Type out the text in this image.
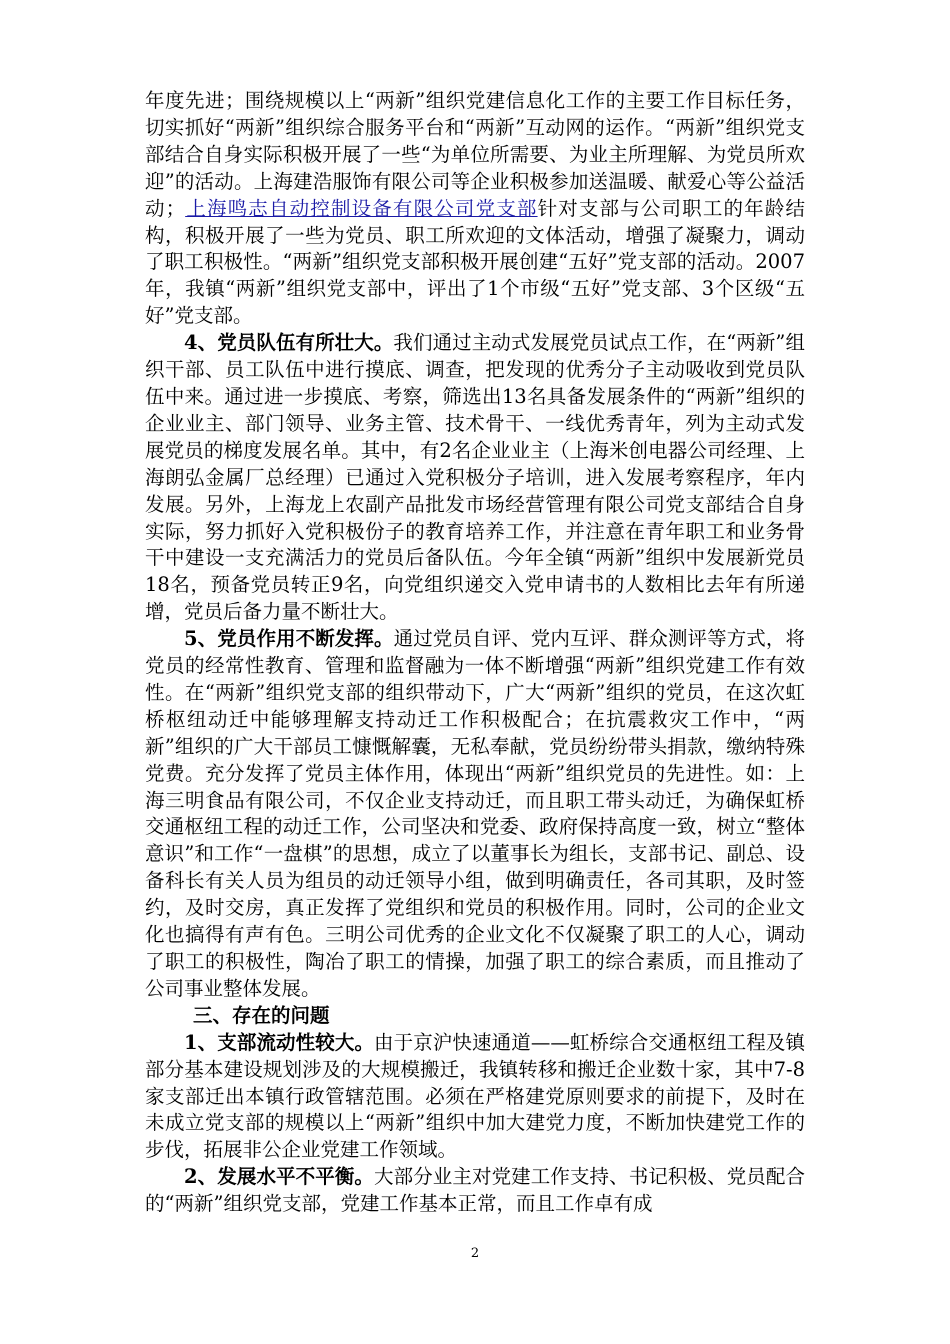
年度先进；围绕规模以上“两新”组织党建信息化工作的主要工作目标任务，切实抓好“两新”组织综合服务平台和“两新”互动网的运作。“两新”组织党支部结合自身实际积极开展了一些“为单位所需要、为业主所理解、为党员所欢迎”的活动。上海建浩服饰有限公司等企业积极参加送温暖、献爱心等公益活动；上海鸣志自动控制设备有限公司党支部针对支部与公司职工的年龄结构，积极开展了一些为党员、职工所欢迎的文体活动，增强了凝聚力，调动了职工积极性。“两新”组织党支部积极开展创建“五好”党支部的活动。2007年，我镇“两新”组织党支部中，评出了1个市级“五好”党支部、3个区级“五好”党支部。

4、党员队伍有所壮大。我们通过主动式发展党员试点工作，在“两新”组织干部、员工队伍中进行摸底、调查，把发现的优秀分子主动吸收到党员队伍中来。通过进一步摸底、考察，筛选出13名具备发展条件的“两新”组织的企业业主、部门领导、业务主管、技术骨干、一线优秀青年，列为主动式发展党员的梯度发展名单。其中，有2名企业业主（上海米创电器公司经理、上海朗弘金属厂总经理）已通过入党积极分子培训，进入发展考察程序，年内发展。另外，上海龙上农副产品批发市场经营管理有限公司党支部结合自身实际，努力抓好入党积极份子的教育培养工作，并注意在青年职工和业务骨干中建设一支充满活力的党员后备队伍。今年全镇“两新”组织中发展新党员18名，预备党员转正9名，向党组织递交入党申请书的人数相比去年有所递增，党员后备力量不断壮大。

5、党员作用不断发挥。通过党员自评、党内互评、群众测评等方式，将党员的经常性教育、管理和监督融为一体不断增强“两新”组织党建工作有效性。在“两新”组织党支部的组织带动下，广大“两新”组织的党员，在这次虹桥枢纽动迁中能够理解支持动迁工作积极配合；在抗震救灾工作中，“两新”组织的广大干部员工慷慨解囊，无私奉献，党员纷纷带头捐款，缴纳特殊党费。充分发挥了党员主体作用，体现出“两新”组织党员的先进性。如：上海三明食品有限公司，不仅企业支持动迁，而且职工带头动迁，为确保虹桥交通枢纽工程的动迁工作，公司坚决和党委、政府保持高度一致，树立“整体意识”和工作“一盘棋”的思想，成立了以董事长为组长，支部书记、副总、设备科长有关人员为组员的动迁领导小组，做到明确责任，各司其职，及时签约，及时交房，真正发挥了党组织和党员的积极作用。同时，公司的企业文化也搞得有声有色。三明公司优秀的企业文化不仅凝聚了职工的人心，调动了职工的积极性，陶冶了职工的情操，加强了职工的综合素质，而且推动了公司事业整体发展。

三、存在的问题

1、支部流动性较大。由于京沪快速通道——虹桥综合交通枢纽工程及镇部分基本建设规划涉及的大规模搬迁，我镇转移和搬迁企业数十家，其中7-8家支部迁出本镇行政管辖范围。必须在严格建党原则要求的前提下，及时在未成立党支部的规模以上“两新”组织中加大建党力度，不断加快建党工作的步伐，拓展非公企业党建工作领域。

2、发展水平不平衡。大部分业主对党建工作支持、书记积极、党员配合的“两新”组织党支部，党建工作基本正常，而且工作卓有成

2
